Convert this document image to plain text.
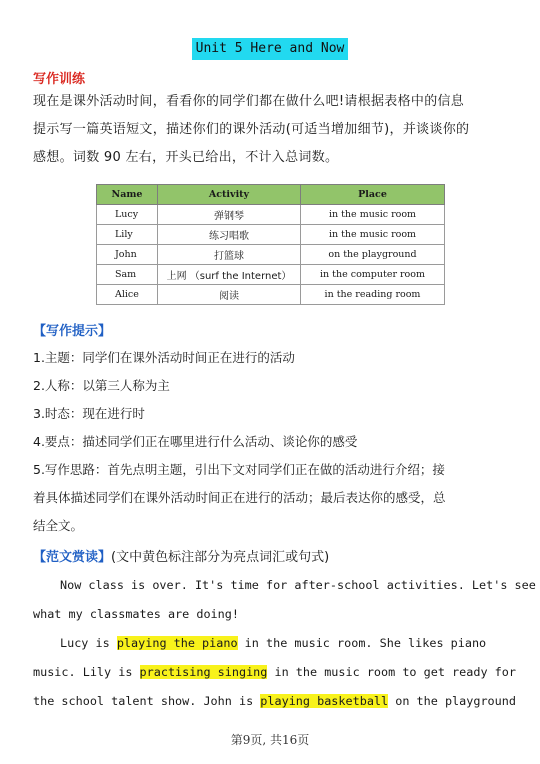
Unit 5 Here and Now
写作训练
现在是课外活动时间，看看你的同学们都在做什么吧!请根据表格中的信息
提示写一篇英语短文，描述你们的课外活动(可适当增加细节)，并谈谈你的
感想。词数 90 左右，开头已给出，不计入总词数。
Name	Activity	Place
Lucy	弹钢琴	in the music room
Lily	练习唱歌	in the music room
John	打篮球	on the playground
Sam	上网 （surf the Internet）	in the computer room
Alice	阅读	in the reading room
【写作提示】
1.主题：同学们在课外活动时间正在进行的活动
2.人称：以第三人称为主
3.时态：现在进行时
4.要点：描述同学们正在哪里进行什么活动、谈论你的感受
5.写作思路：首先点明主题，引出下文对同学们正在做的活动进行介绍；接
着具体描述同学们在课外活动时间正在进行的活动；最后表达你的感受，总
结全文。
【范文赏读】(文中黄色标注部分为亮点词汇或句式)
Now class is over. It's time for after-school activities. Let's see
what my classmates are doing!
Lucy is playing the piano in the music room. She likes piano
music. Lily is practising singing in the music room to get ready for
the school talent show. John is playing basketball on the playground
第9页, 共16页
